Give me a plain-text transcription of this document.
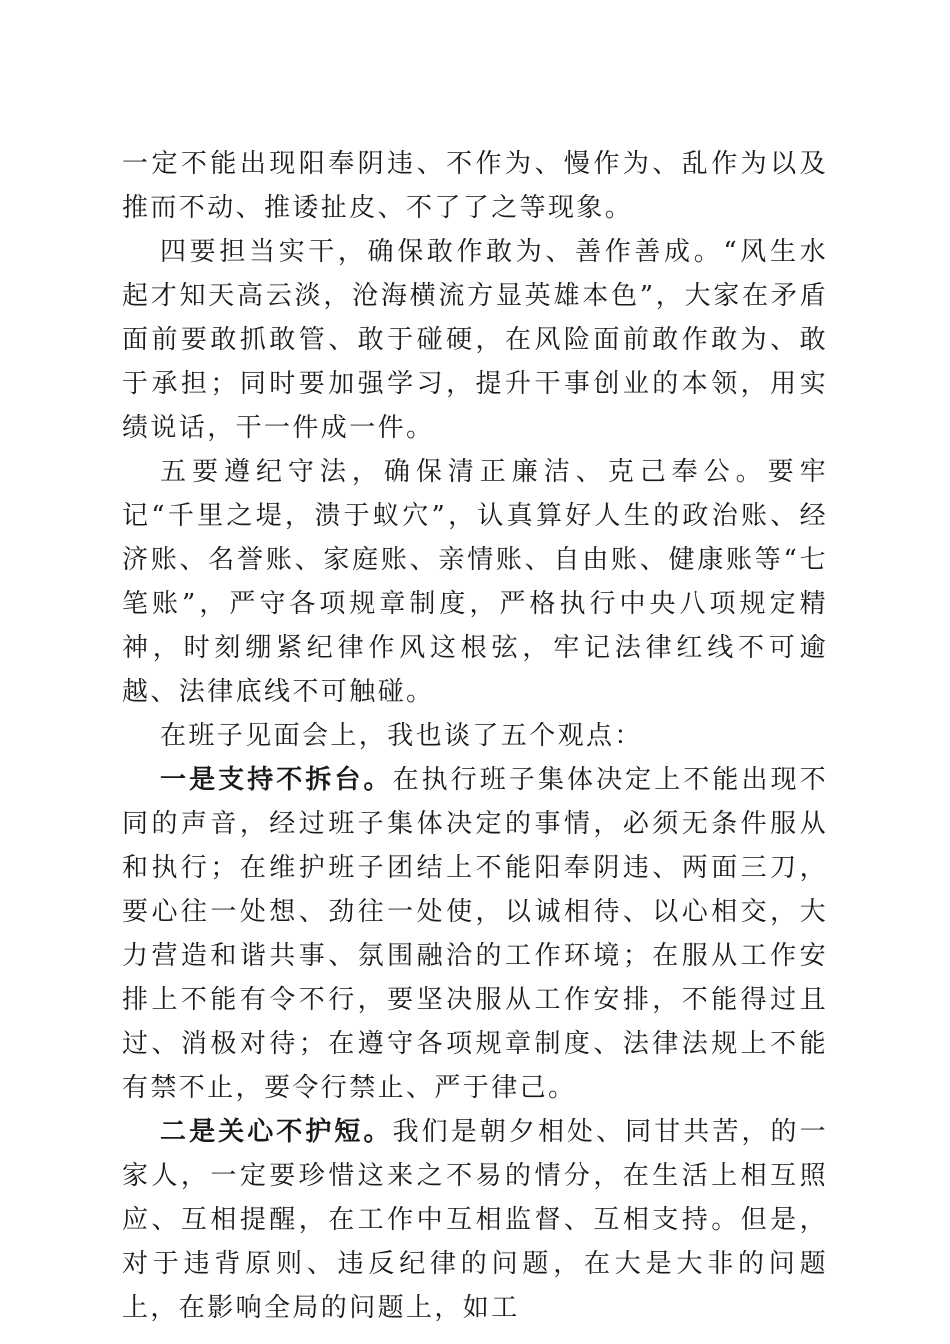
一定不能出现阳奉阴违、不作为、慢作为、乱作为以及推而不动、推诿扯皮、不了了之等现象。

四要担当实干，确保敢作敢为、善作善成。“风生水起才知天高云淡，沧海横流方显英雄本色”，大家在矛盾面前要敢抓敢管、敢于碰硬，在风险面前敢作敢为、敢于承担；同时要加强学习，提升干事创业的本领，用实绩说话，干一件成一件。

五要遵纪守法，确保清正廉洁、克己奉公。要牢记“千里之堤，溃于蚁穴”，认真算好人生的政治账、经济账、名誉账、家庭账、亲情账、自由账、健康账等“七笔账”，严守各项规章制度，严格执行中央八项规定精神，时刻绷紧纪律作风这根弦，牢记法律红线不可逾越、法律底线不可触碰。

在班子见面会上，我也谈了五个观点：

一是支持不拆台。在执行班子集体决定上不能出现不同的声音，经过班子集体决定的事情，必须无条件服从和执行；在维护班子团结上不能阳奉阴违、两面三刀，要心往一处想、劲往一处使，以诚相待、以心相交，大力营造和谐共事、氛围融洽的工作环境；在服从工作安排上不能有令不行，要坚决服从工作安排，不能得过且过、消极对待；在遵守各项规章制度、法律法规上不能有禁不止，要令行禁止、严于律己。

二是关心不护短。我们是朝夕相处、同甘共苦，的一家人，一定要珍惜这来之不易的情分，在生活上相互照应、互相提醒，在工作中互相监督、互相支持。但是，对于违背原则、违反纪律的问题，在大是大非的问题上，在影响全局的问题上，如工
